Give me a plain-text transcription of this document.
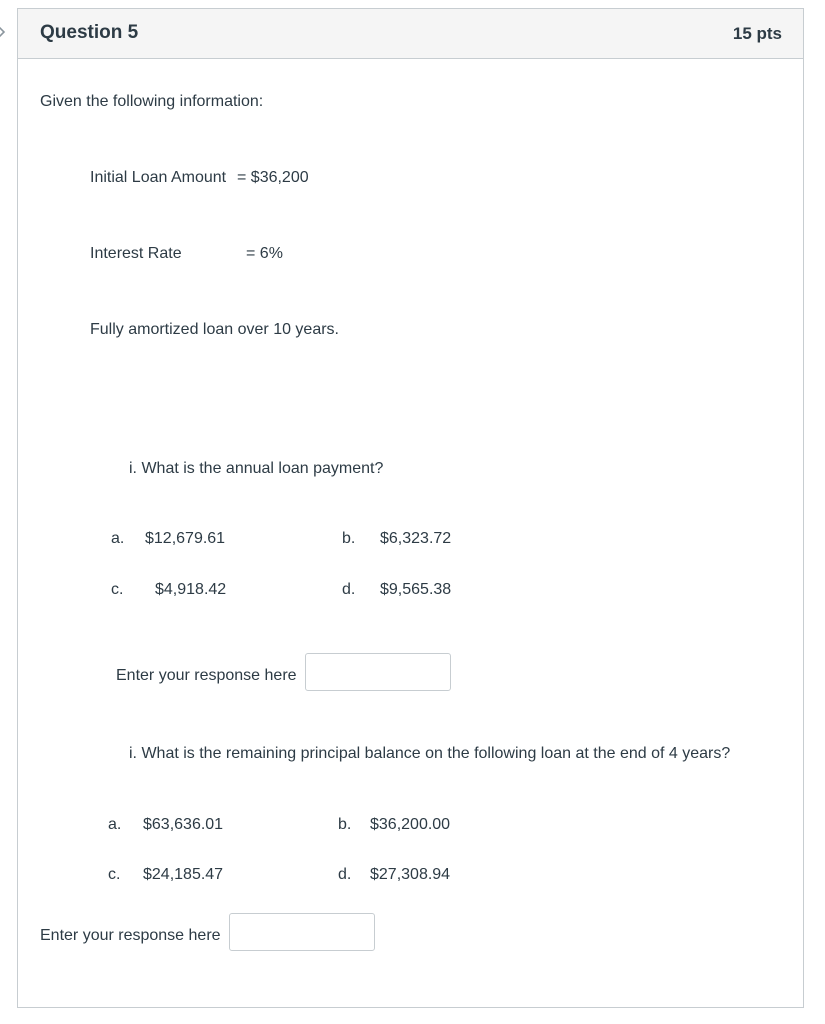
Question 5	15 pts
Given the following information:
Initial Loan Amount = $36,200
Interest Rate	= 6%
Fully amortized loan over 10 years.
i. What is the annual loan payment?
a. $12,679.61	b. $6,323.72
c. $4,918.42	d. $9,565.38
Enter your response here
i. What is the remaining principal balance on the following loan at the end of 4 years?
a. $63,636.01	b. $36,200.00
c. $24,185.47	d. $27,308.94
Enter your response here
